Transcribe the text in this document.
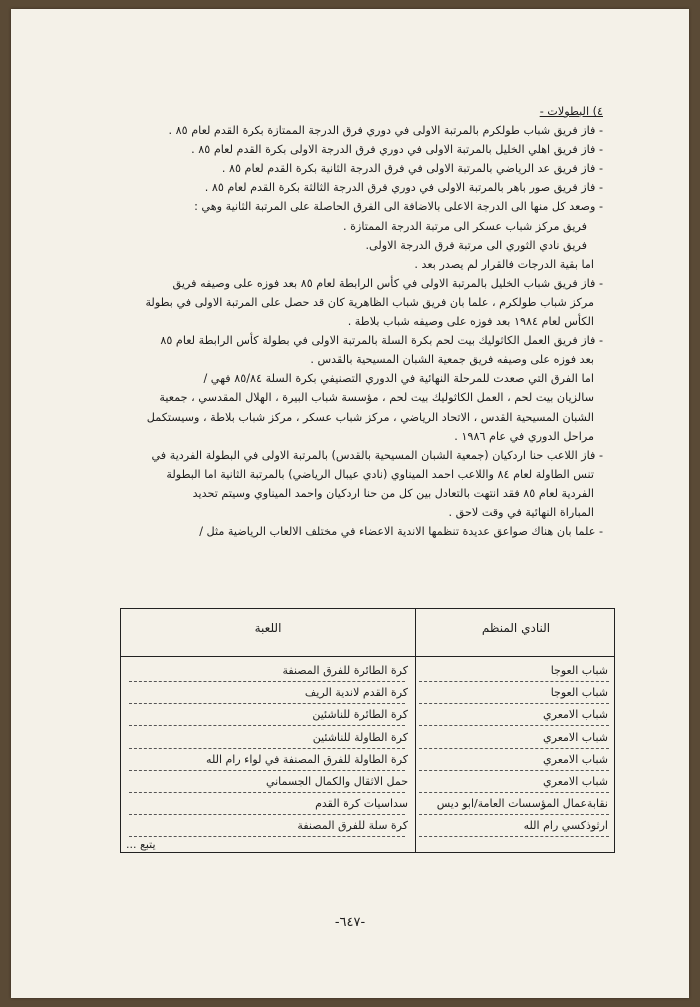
٤) البطولات -
- فاز فريق شباب طولكرم بالمرتبة الاولى في دوري فرق الدرجة الممتازة بكرة القدم لعام ٨٥ .
- فاز فريق اهلي الخليل بالمرتبة الاولى في دوري فرق الدرجة الاولى بكرة القدم لعام ٨٥ .
- فاز فريق عد الرياضي بالمرتبة الاولى في فرق الدرجة الثانية بكرة القدم لعام ٨٥ .
- فاز فريق صور باهر بالمرتبة الاولى في دوري فرق الدرجة الثالثة بكرة القدم لعام ٨٥ .
- وصعد كل منها الى الدرجة الاعلى بالاضافة الى الفرق الحاصلة على المرتبة الثانية وهي :
فريق مركز شباب عسكر الى مرتبة الدرجة الممتازة .
فريق نادي الثوري الى مرتبة فرق الدرجة الاولى.
اما بقية الدرجات فالقرار لم يصدر بعد .
- فاز فريق شباب الخليل بالمرتبة الاولى في كأس الرابطة لعام ٨٥ بعد فوزه على وصيفه فريق
مركز شباب طولكرم ، علما بان فريق شباب الظاهرية كان قد حصل على المرتبة الاولى في بطولة
الكأس لعام ١٩٨٤ بعد فوزه على وصيفه شباب بلاطة .
- فاز فريق العمل الكاثوليك بيت لحم بكرة السلة بالمرتبة الاولى في بطولة كأس الرابطة لعام ٨٥
بعد فوزه على وصيفه فريق جمعية الشبان المسيحية بالقدس .
اما الفرق التي صعدت للمرحلة النهائية في الدوري التصنيفي بكرة السلة ٨٥/٨٤ فهي /
سالزيان بيت لحم ، العمل الكاثوليك بيت لحم ، مؤسسة شباب البيرة ، الهلال المقدسي ، جمعية
الشبان المسيحية القدس ، الاتحاد الرياضي ، مركز شباب عسكر ، مركز شباب بلاطة ، وسيستكمل
مراحل الدوري في عام ١٩٨٦ .
- فاز اللاعب حنا اردكيان (جمعية الشبان المسيحية بالقدس) بالمرتبة الاولى في البطولة الفردية في
تنس الطاولة لعام ٨٤ واللاعب احمد الميناوي (نادي عيبال الرياضي) بالمرتبة الثانية اما البطولة
الفردية لعام ٨٥ فقد انتهت بالتعادل بين كل من حنا اردكيان واحمد الميناوي وسيتم تحديد
المباراة النهائية في وقت لاحق .
- علما بان هناك صواعق عديدة تنظمها الاندية الاعضاء في مختلف الالعاب الرياضية مثل /
النادي المنظم
اللعبة
شباب العوجا
كرة الطائرة للفرق المصنفة
شباب العوجا
كرة القدم لاندية الريف
شباب الامعري
كرة الطائرة للناشئين
شباب الامعري
كرة الطاولة للناشئين
شباب الامعري
كرة الطاولة للفرق المصنفة في لواء رام الله
شباب الامعري
حمل الاثقال والكمال الجسماني
نقابةعمال المؤسسات العامة/ابو ديس
سداسيات كرة القدم
ارثوذكسي رام الله
كرة سلة للفرق المصنفة
يتبع ...
-٦٤٧-
